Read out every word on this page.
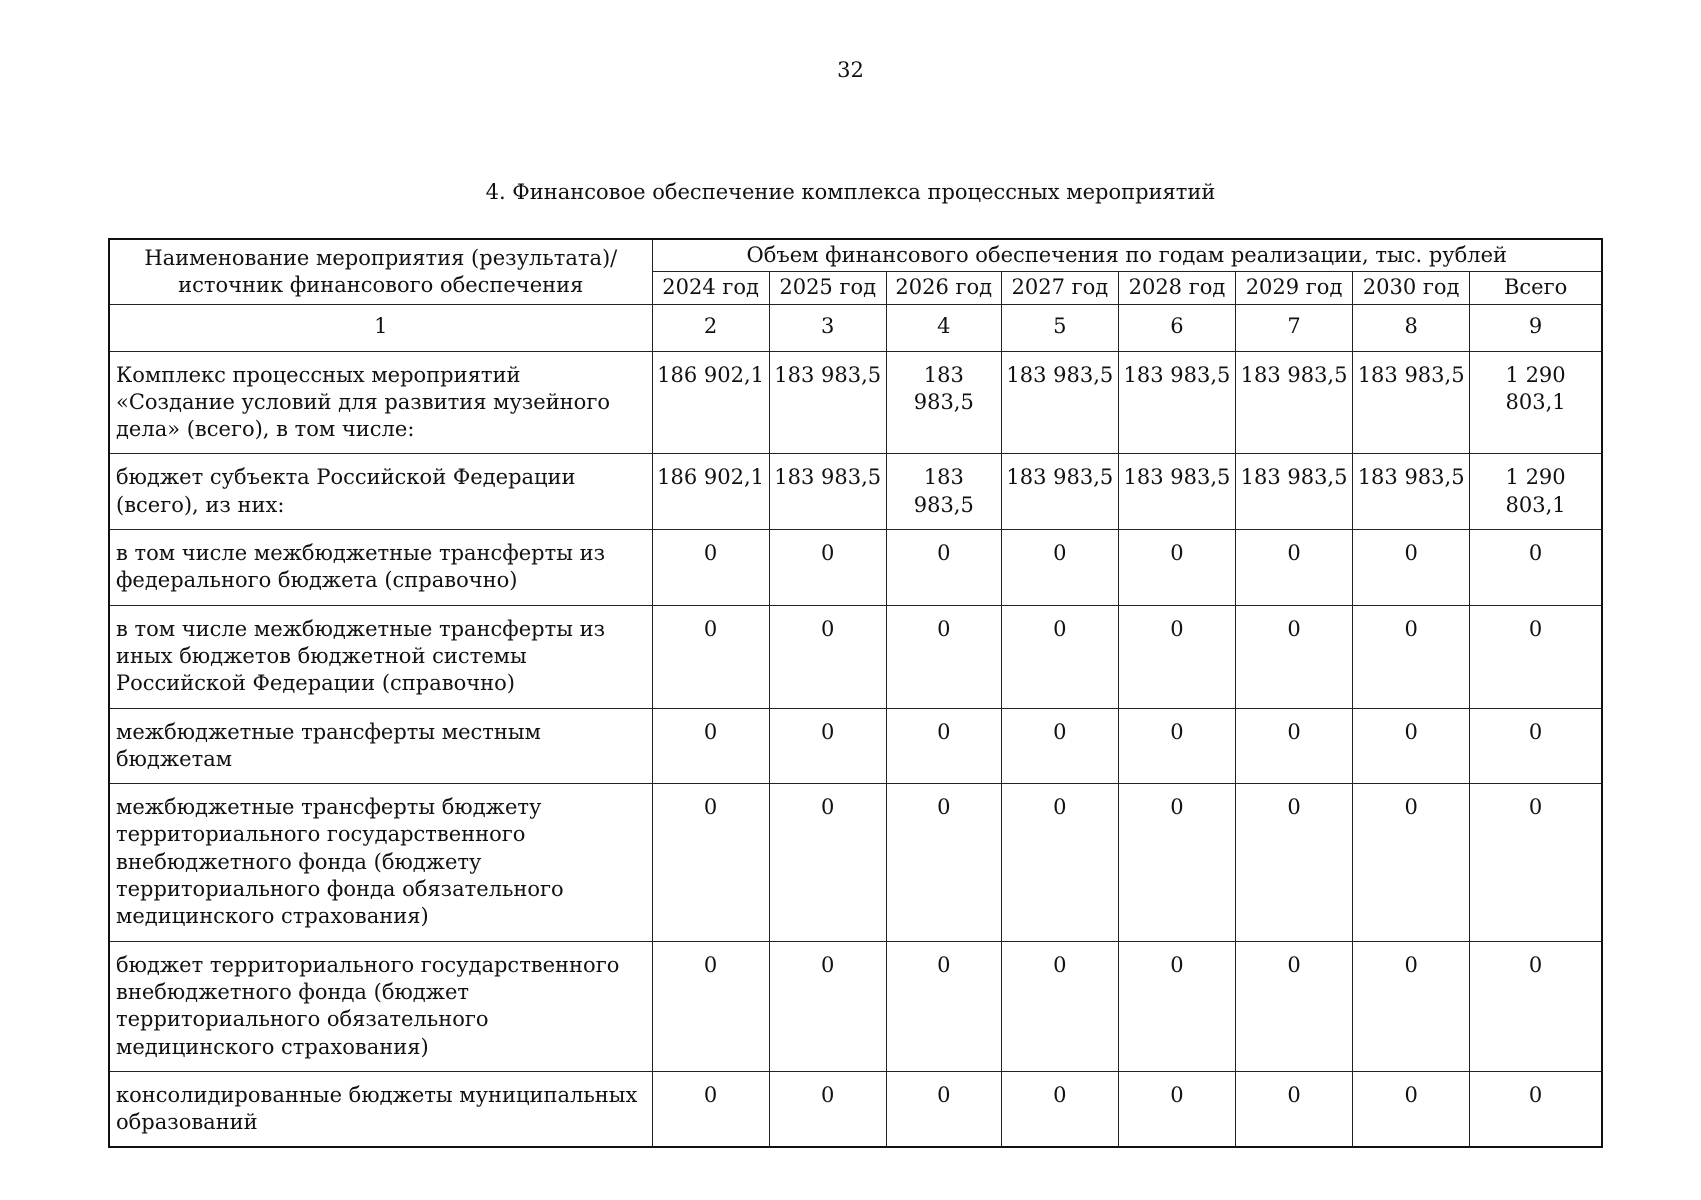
32
4. Финансовое обеспечение комплекса процессных мероприятий
Наименование мероприятия (результата)/
источник финансового обеспечения	Объем финансового обеспечения по годам реализации, тыс. рублей							
	2024 год	2025 год	2026 год	2027 год	2028 год	2029 год	2030 год	Всего
1	2	3	4	5	6	7	8	9
Комплекс процессных мероприятий «Создание условий для развития музейного дела» (всего), в том числе:	186 902,1	183 983,5	183 983,5	183 983,5	183 983,5	183 983,5	183 983,5	1 290 803,1
бюджет субъекта Российской Федерации (всего), из них:	186 902,1	183 983,5	183 983,5	183 983,5	183 983,5	183 983,5	183 983,5	1 290 803,1
в том числе межбюджетные трансферты из федерального бюджета (справочно)	0	0	0	0	0	0	0	0
в том числе межбюджетные трансферты из иных бюджетов бюджетной системы Российской Федерации (справочно)	0	0	0	0	0	0	0	0
межбюджетные трансферты местным бюджетам	0	0	0	0	0	0	0	0
межбюджетные трансферты бюджету территориального государственного внебюджетного фонда (бюджету территориального фонда обязательного медицинского страхования)	0	0	0	0	0	0	0	0
бюджет территориального государственного внебюджетного фонда (бюджет территориального обязательного медицинского страхования)	0	0	0	0	0	0	0	0
консолидированные бюджеты муниципальных образований	0	0	0	0	0	0	0	0
